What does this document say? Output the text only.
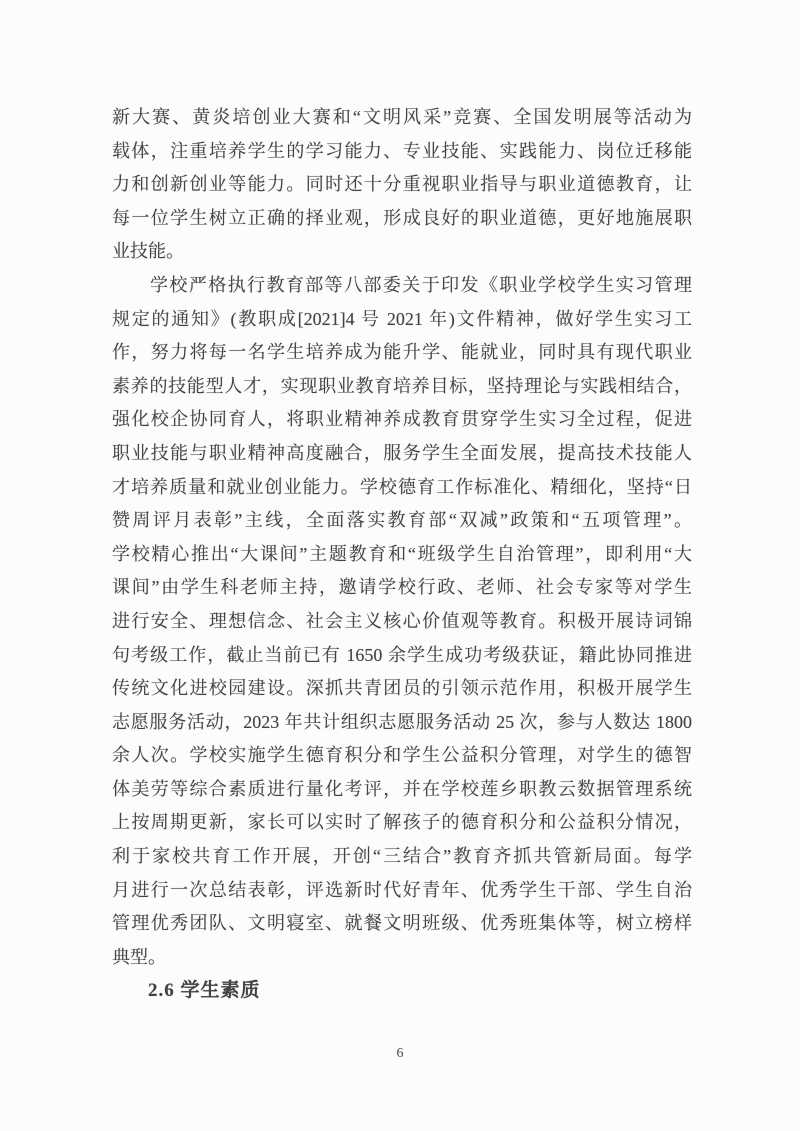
新大赛、黄炎培创业大赛和“文明风采”竞赛、全国发明展等活动为
载体，注重培养学生的学习能力、专业技能、实践能力、岗位迁移能
力和创新创业等能力。同时还十分重视职业指导与职业道德教育，让
每一位学生树立正确的择业观，形成良好的职业道德，更好地施展职
业技能。
学校严格执行教育部等八部委关于印发《职业学校学生实习管理
规定的通知》(教职成[2021]4 号 2021 年)文件精神，做好学生实习工
作，努力将每一名学生培养成为能升学、能就业，同时具有现代职业
素养的技能型人才，实现职业教育培养目标，坚持理论与实践相结合，
强化校企协同育人，将职业精神养成教育贯穿学生实习全过程，促进
职业技能与职业精神高度融合，服务学生全面发展，提高技术技能人
才培养质量和就业创业能力。学校德育工作标准化、精细化，坚持“日
赞周评月表彰”主线，全面落实教育部“双减”政策和“五项管理”。
学校精心推出“大课间”主题教育和“班级学生自治管理”，即利用“大
课间”由学生科老师主持，邀请学校行政、老师、社会专家等对学生
进行安全、理想信念、社会主义核心价值观等教育。积极开展诗词锦
句考级工作，截止当前已有 1650 余学生成功考级获证，籍此协同推进
传统文化进校园建设。深抓共青团员的引领示范作用，积极开展学生
志愿服务活动，2023 年共计组织志愿服务活动 25 次，参与人数达 1800
余人次。学校实施学生德育积分和学生公益积分管理，对学生的德智
体美劳等综合素质进行量化考评，并在学校莲乡职教云数据管理系统
上按周期更新，家长可以实时了解孩子的德育积分和公益积分情况，
利于家校共育工作开展，开创“三结合”教育齐抓共管新局面。每学
月进行一次总结表彰，评选新时代好青年、优秀学生干部、学生自治
管理优秀团队、文明寝室、就餐文明班级、优秀班集体等，树立榜样
典型。
2.6 学生素质
6
